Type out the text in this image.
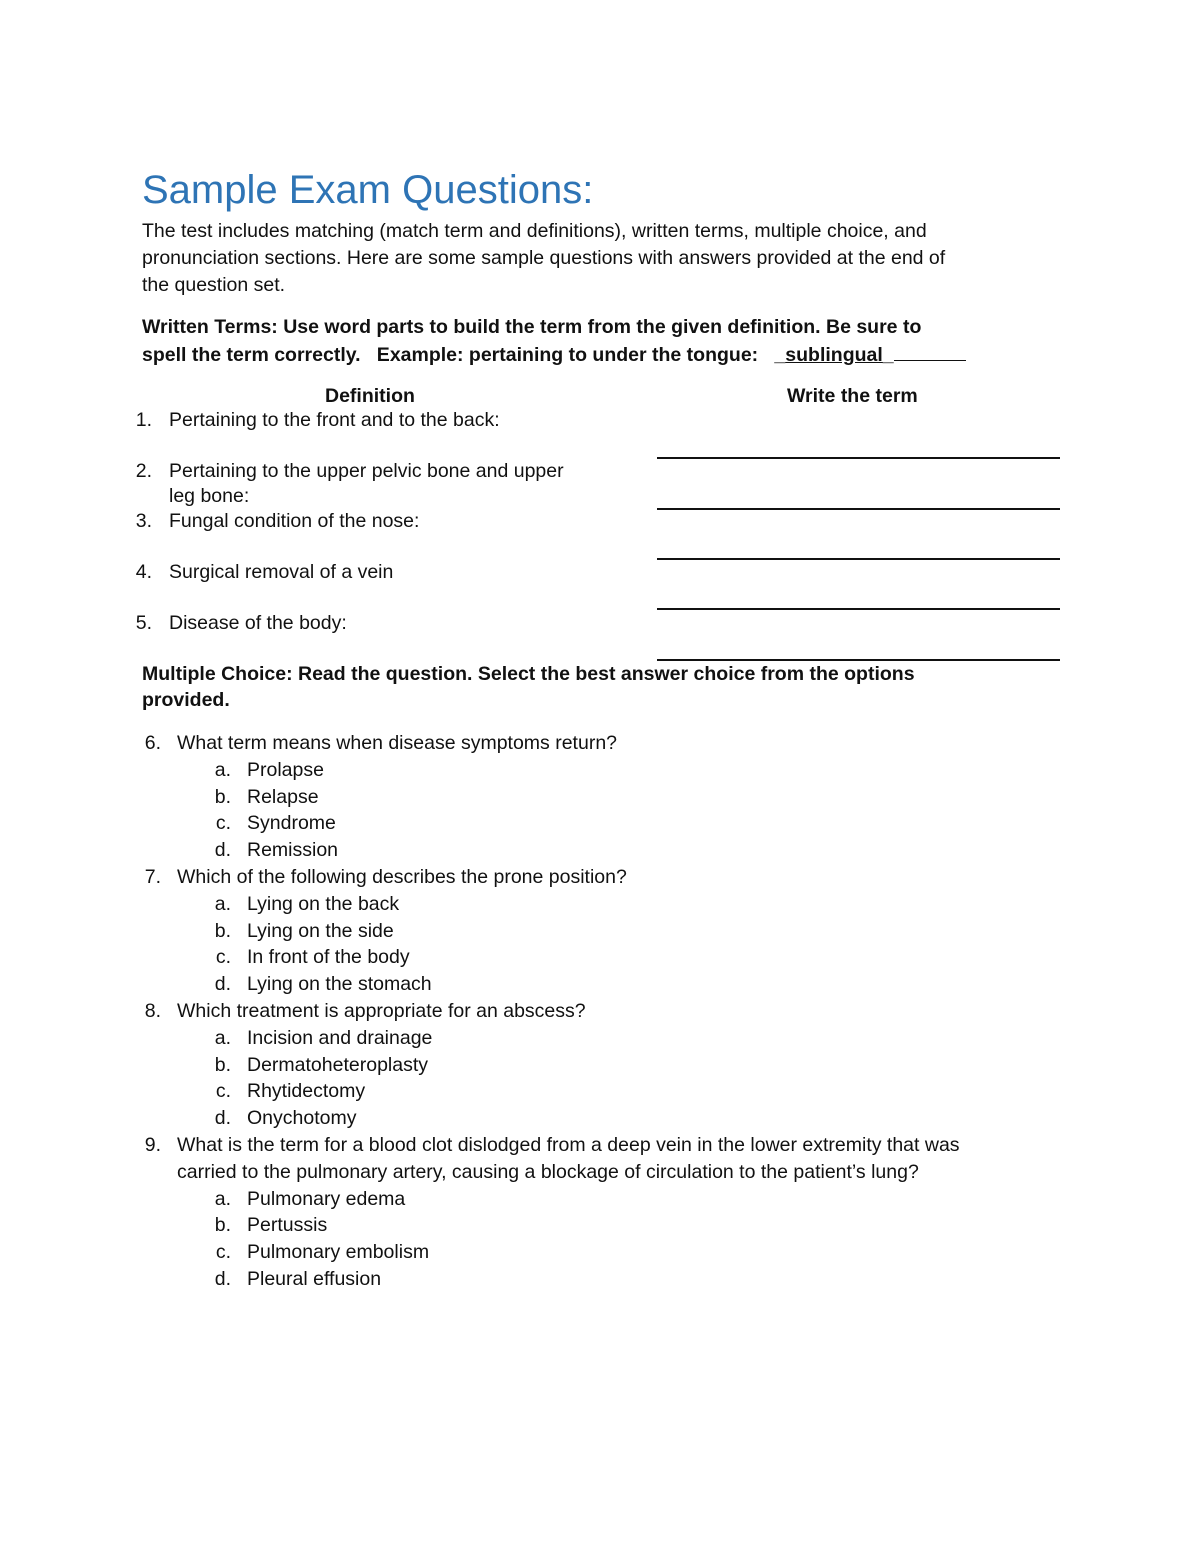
Sample Exam Questions:
The test includes matching (match term and definitions), written terms, multiple choice, and
pronunciation sections. Here are some sample questions with answers provided at the end of
the question set.
Written Terms: Use word parts to build the term from the given definition. Be sure to
spell the term correctly.   Example: pertaining to under the tongue:   _sublingual_
Definition	Write the term
1. Pertaining to the front and to the back:
2. Pertaining to the upper pelvic bone and upper
leg bone:
3. Fungal condition of the nose:
4. Surgical removal of a vein
5. Disease of the body:
Multiple Choice: Read the question. Select the best answer choice from the options
provided.
6. What term means when disease symptoms return?
a. Prolapse
b. Relapse
c. Syndrome
d. Remission
7. Which of the following describes the prone position?
a. Lying on the back
b. Lying on the side
c. In front of the body
d. Lying on the stomach
8. Which treatment is appropriate for an abscess?
a. Incision and drainage
b. Dermatoheteroplasty
c. Rhytidectomy
d. Onychotomy
9. What is the term for a blood clot dislodged from a deep vein in the lower extremity that was
carried to the pulmonary artery, causing a blockage of circulation to the patient’s lung?
a. Pulmonary edema
b. Pertussis
c. Pulmonary embolism
d. Pleural effusion
